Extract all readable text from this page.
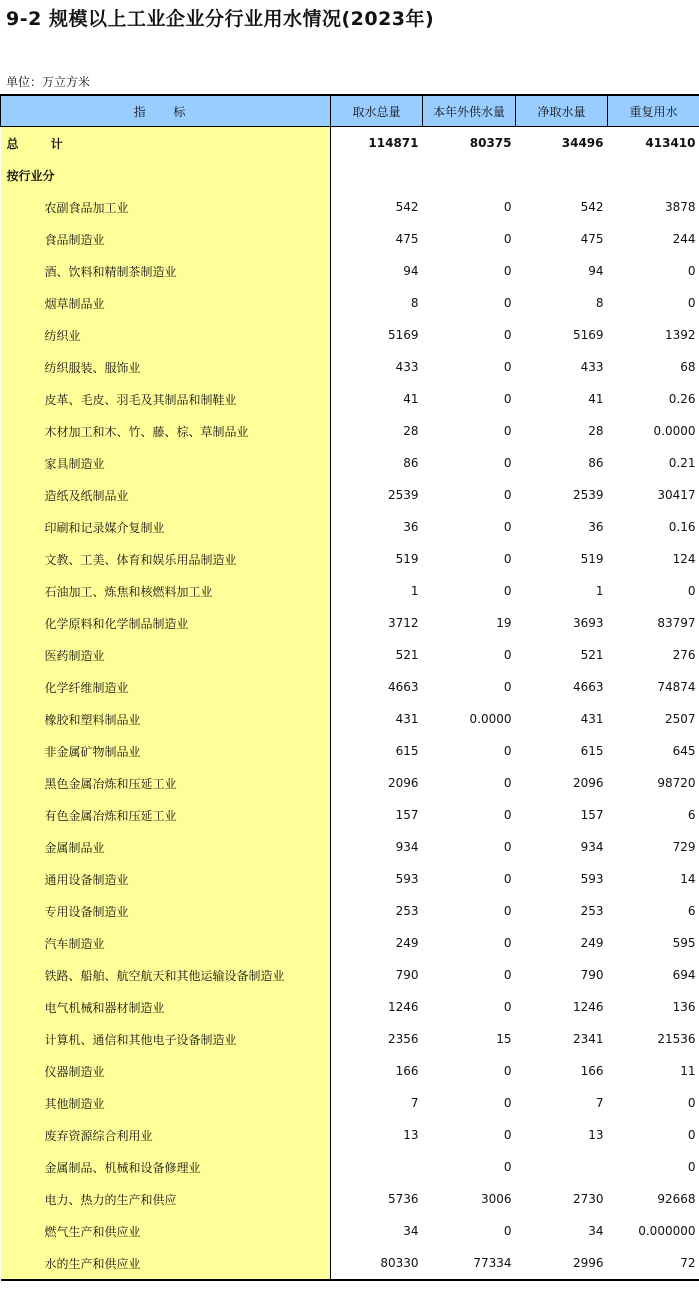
9-2 规模以上工业企业分行业用水情况(2023年)
单位：万立方米
指 标	取水总量	本年外供水量	净取水量	重复用水
总 计	114871	80375	34496	413410
按行业分				
农副食品加工业	542	0	542	3878
食品制造业	475	0	475	244
酒、饮料和精制茶制造业	94	0	94	0
烟草制品业	8	0	8	0
纺织业	5169	0	5169	1392
纺织服装、服饰业	433	0	433	68
皮革、毛皮、羽毛及其制品和制鞋业	41	0	41	0.26
木材加工和木、竹、藤、棕、草制品业	28	0	28	0.0000
家具制造业	86	0	86	0.21
造纸及纸制品业	2539	0	2539	30417
印刷和记录媒介复制业	36	0	36	0.16
文教、工美、体育和娱乐用品制造业	519	0	519	124
石油加工、炼焦和核燃料加工业	1	0	1	0
化学原料和化学制品制造业	3712	19	3693	83797
医药制造业	521	0	521	276
化学纤维制造业	4663	0	4663	74874
橡胶和塑料制品业	431	0.0000	431	2507
非金属矿物制品业	615	0	615	645
黑色金属冶炼和压延工业	2096	0	2096	98720
有色金属冶炼和压延工业	157	0	157	6
金属制品业	934	0	934	729
通用设备制造业	593	0	593	14
专用设备制造业	253	0	253	6
汽车制造业	249	0	249	595
铁路、船舶、航空航天和其他运输设备制造业	790	0	790	694
电气机械和器材制造业	1246	0	1246	136
计算机、通信和其他电子设备制造业	2356	15	2341	21536
仪器制造业	166	0	166	11
其他制造业	7	0	7	0
废弃资源综合利用业	13	0	13	0
金属制品、机械和设备修理业		0		0
电力、热力的生产和供应	5736	3006	2730	92668
燃气生产和供应业	34	0	34	0.000000
水的生产和供应业	80330	77334	2996	72
